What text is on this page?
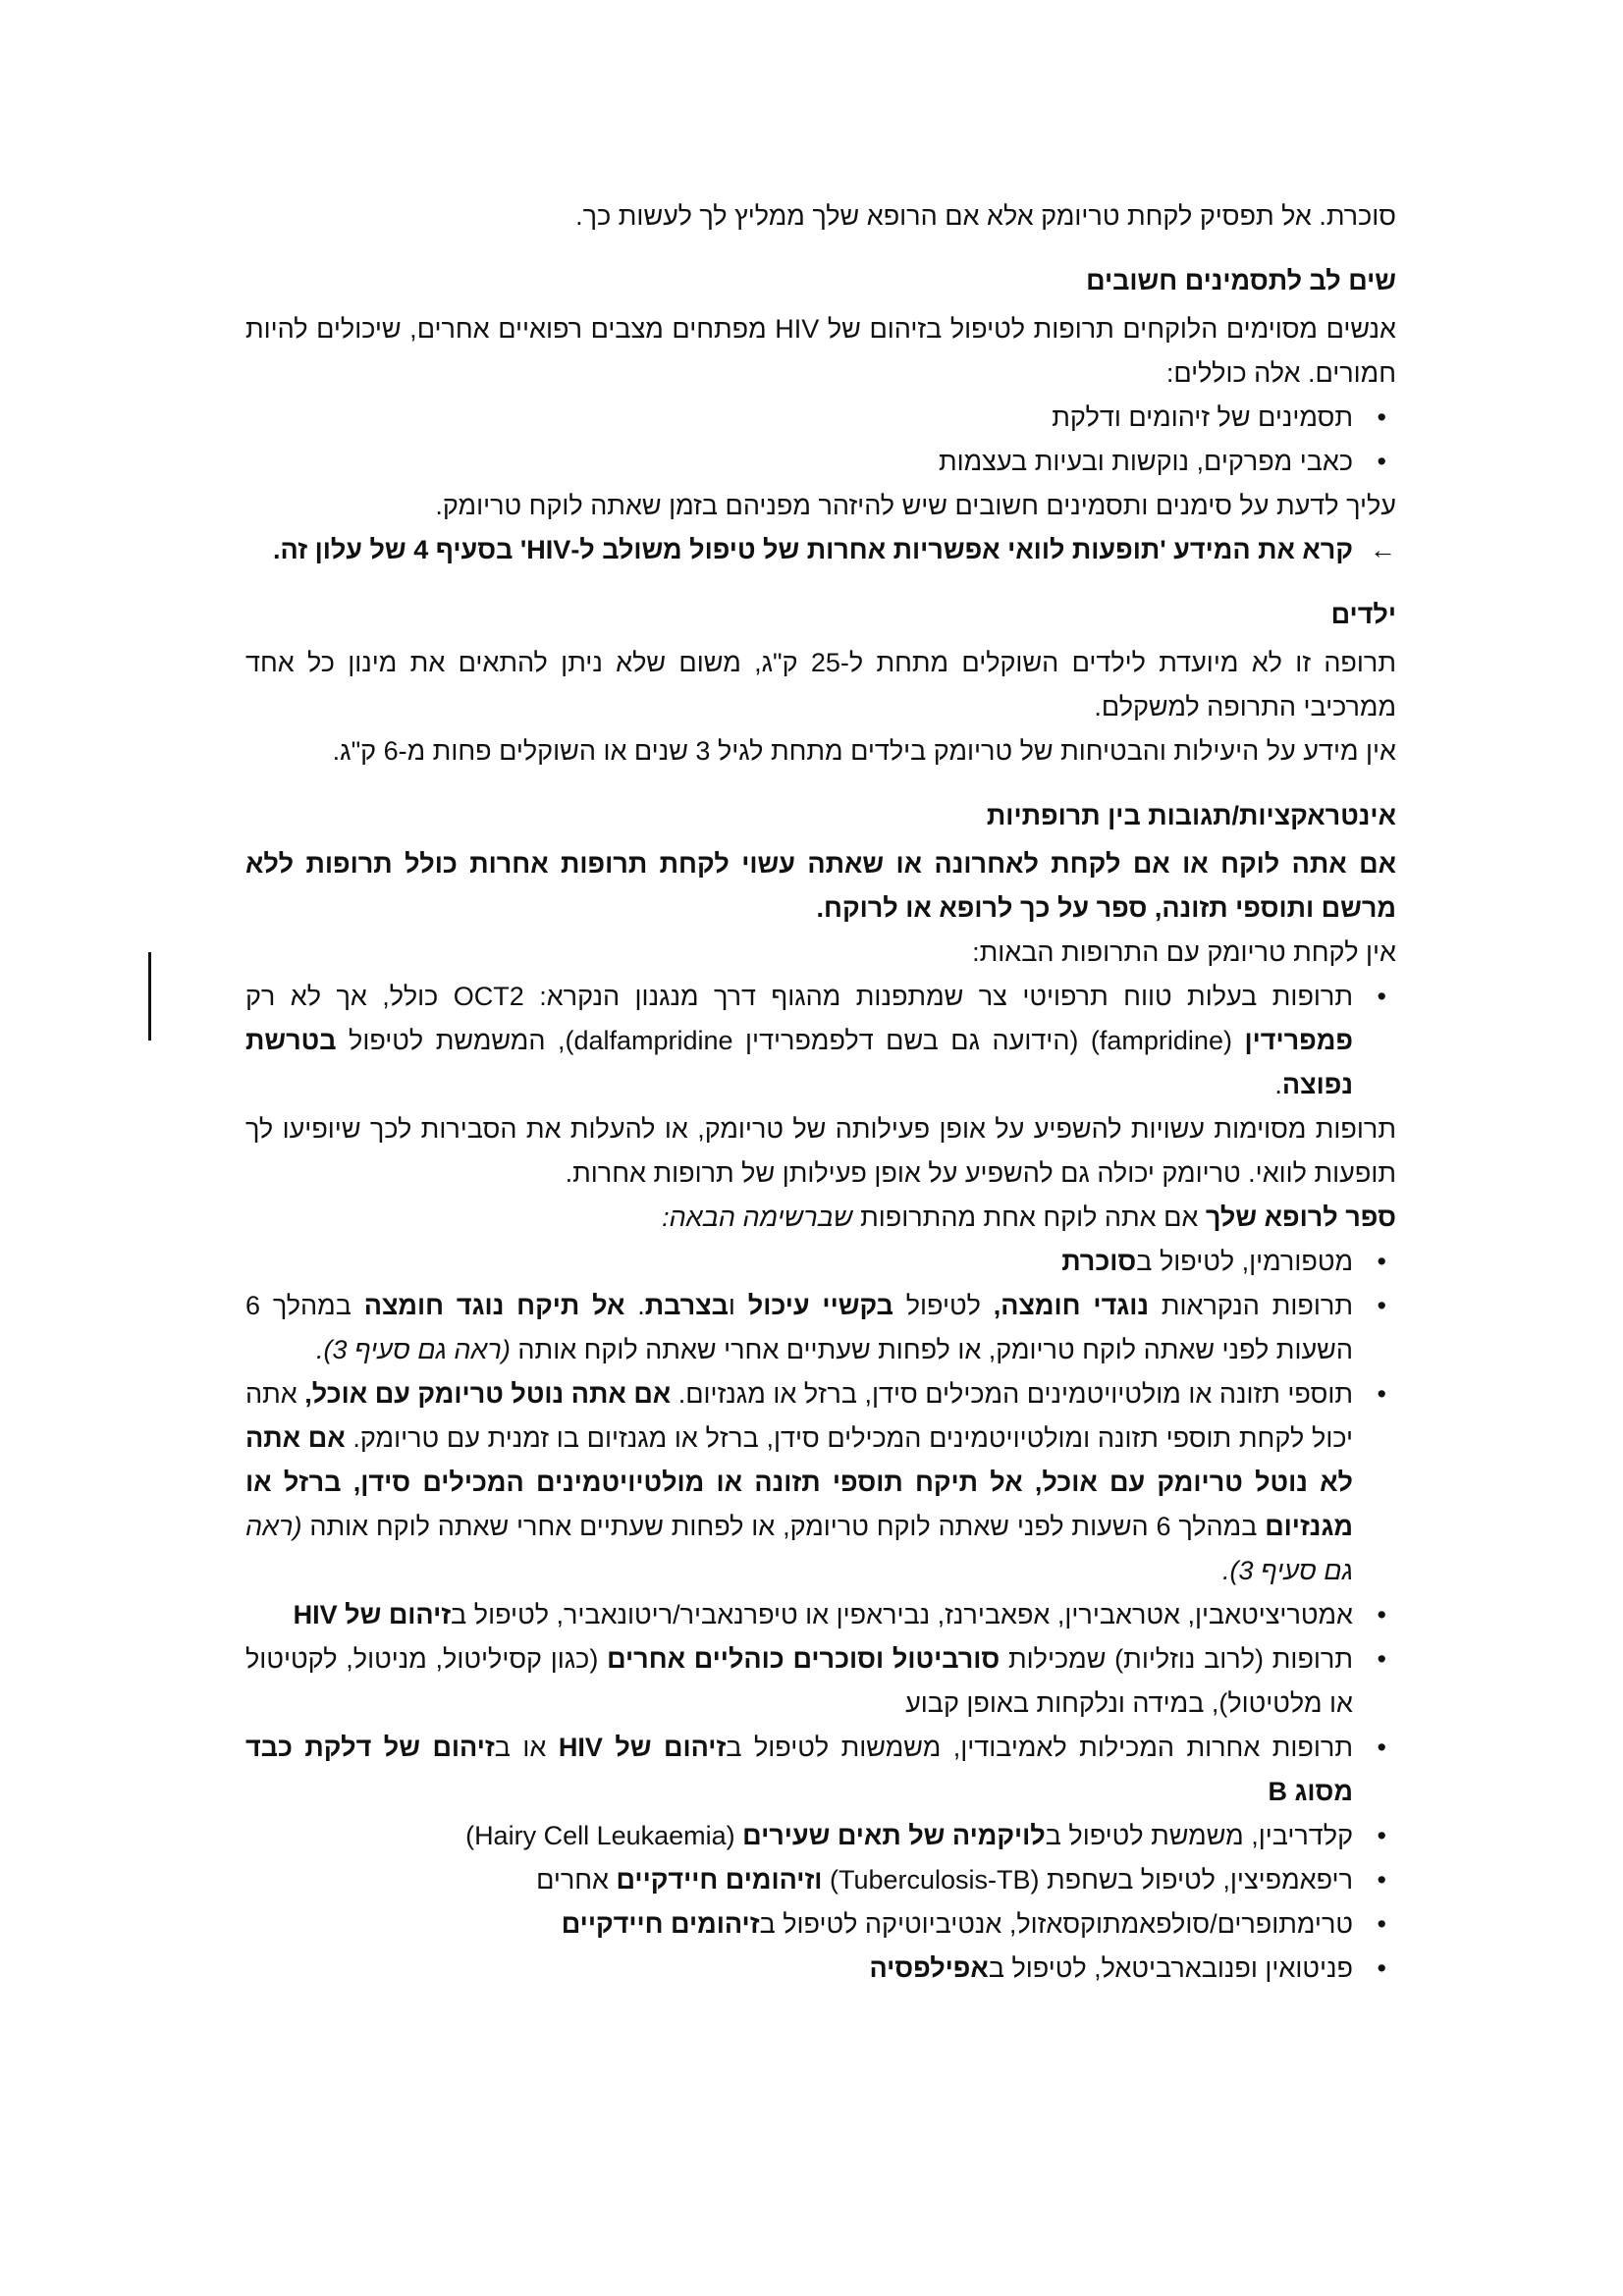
סוכרת. אל תפסיק לקחת טריומק אלא אם הרופא שלך ממליץ לך לעשות כך.

שים לב לתסמינים חשובים

אנשים מסוימים הלוקחים תרופות לטיפול בזיהום של HIV מפתחים מצבים רפואיים אחרים, שיכולים להיות חמורים. אלה כוללים:

• תסמינים של זיהומים ודלקת
• כאבי מפרקים, נוקשות ובעיות בעצמות

עליך לדעת על סימנים ותסמינים חשובים שיש להיזהר מפניהם בזמן שאתה לוקח טריומק.

←
קרא את המידע 'תופעות לוואי אפשריות אחרות של טיפול משולב ל-HIV' בסעיף 4 של עלון זה.

ילדים

תרופה זו לא מיועדת לילדים השוקלים מתחת ל-25 ק"ג, משום שלא ניתן להתאים את מינון כל אחד ממרכיבי התרופה למשקלם.

אין מידע על היעילות והבטיחות של טריומק בילדים מתחת לגיל 3 שנים או השוקלים פחות מ-6 ק"ג.

אינטראקציות/תגובות בין תרופתיות

אם אתה לוקח או אם לקחת לאחרונה או שאתה עשוי לקחת תרופות אחרות כולל תרופות ללא מרשם ותוספי תזונה, ספר על כך לרופא או לרוקח.

אין לקחת טריומק עם התרופות הבאות:

• תרופות בעלות טווח תרפויטי צר שמתפנות מהגוף דרך מנגנון הנקרא: OCT2 כולל, אך לא רק פמפרידין (fampridine) (הידועה גם בשם דלפמפרידין dalfampridine), המשמשת לטיפול בטרשת נפוצה.

תרופות מסוימות עשויות להשפיע על אופן פעילותה של טריומק, או להעלות את הסבירות לכך שיופיעו לך תופעות לוואי. טריומק יכולה גם להשפיע על אופן פעילותן של תרופות אחרות.

ספר לרופא שלך אם אתה לוקח אחת מהתרופות שברשימה הבאה:

• מטפורמין, לטיפול בסוכרת
• תרופות הנקראות נוגדי חומצה, לטיפול בקשיי עיכול ובצרבת. אל תיקח נוגד חומצה במהלך 6 השעות לפני שאתה לוקח טריומק, או לפחות שעתיים אחרי שאתה לוקח אותה (ראה גם סעיף 3).
• תוספי תזונה או מולטיויטמינים המכילים סידן, ברזל או מגנזיום. אם אתה נוטל טריומק עם אוכל, אתה יכול לקחת תוספי תזונה ומולטיויטמינים המכילים סידן, ברזל או מגנזיום בו זמנית עם טריומק. אם אתה לא נוטל טריומק עם אוכל, אל תיקח תוספי תזונה או מולטיויטמינים המכילים סידן, ברזל או מגנזיום במהלך 6 השעות לפני שאתה לוקח טריומק, או לפחות שעתיים אחרי שאתה לוקח אותה (ראה גם סעיף 3).
• אמטריציטאבין, אטראבירין, אפאבירנז, נביראפין או טיפרנאביר/ריטונאביר, לטיפול בזיהום של HIV
• תרופות (לרוב נוזליות) שמכילות סורביטול וסוכרים כוהליים אחרים (כגון קסיליטול, מניטול, לקטיטול או מלטיטול), במידה ונלקחות באופן קבוע
• תרופות אחרות המכילות לאמיבודין, משמשות לטיפול בזיהום של HIV או בזיהום של דלקת כבד מסוג B
• קלדריבין, משמשת לטיפול בלויקמיה של תאים שעירים (Hairy Cell Leukaemia)
• ריפאמפיצין, לטיפול בשחפת (Tuberculosis-TB) וזיהומים חיידקיים אחרים
• טרימתופרים/סולפאמתוקסאזול, אנטיביוטיקה לטיפול בזיהומים חיידקיים
• פניטואין ופנובארביטאל, לטיפול באפילפסיה
